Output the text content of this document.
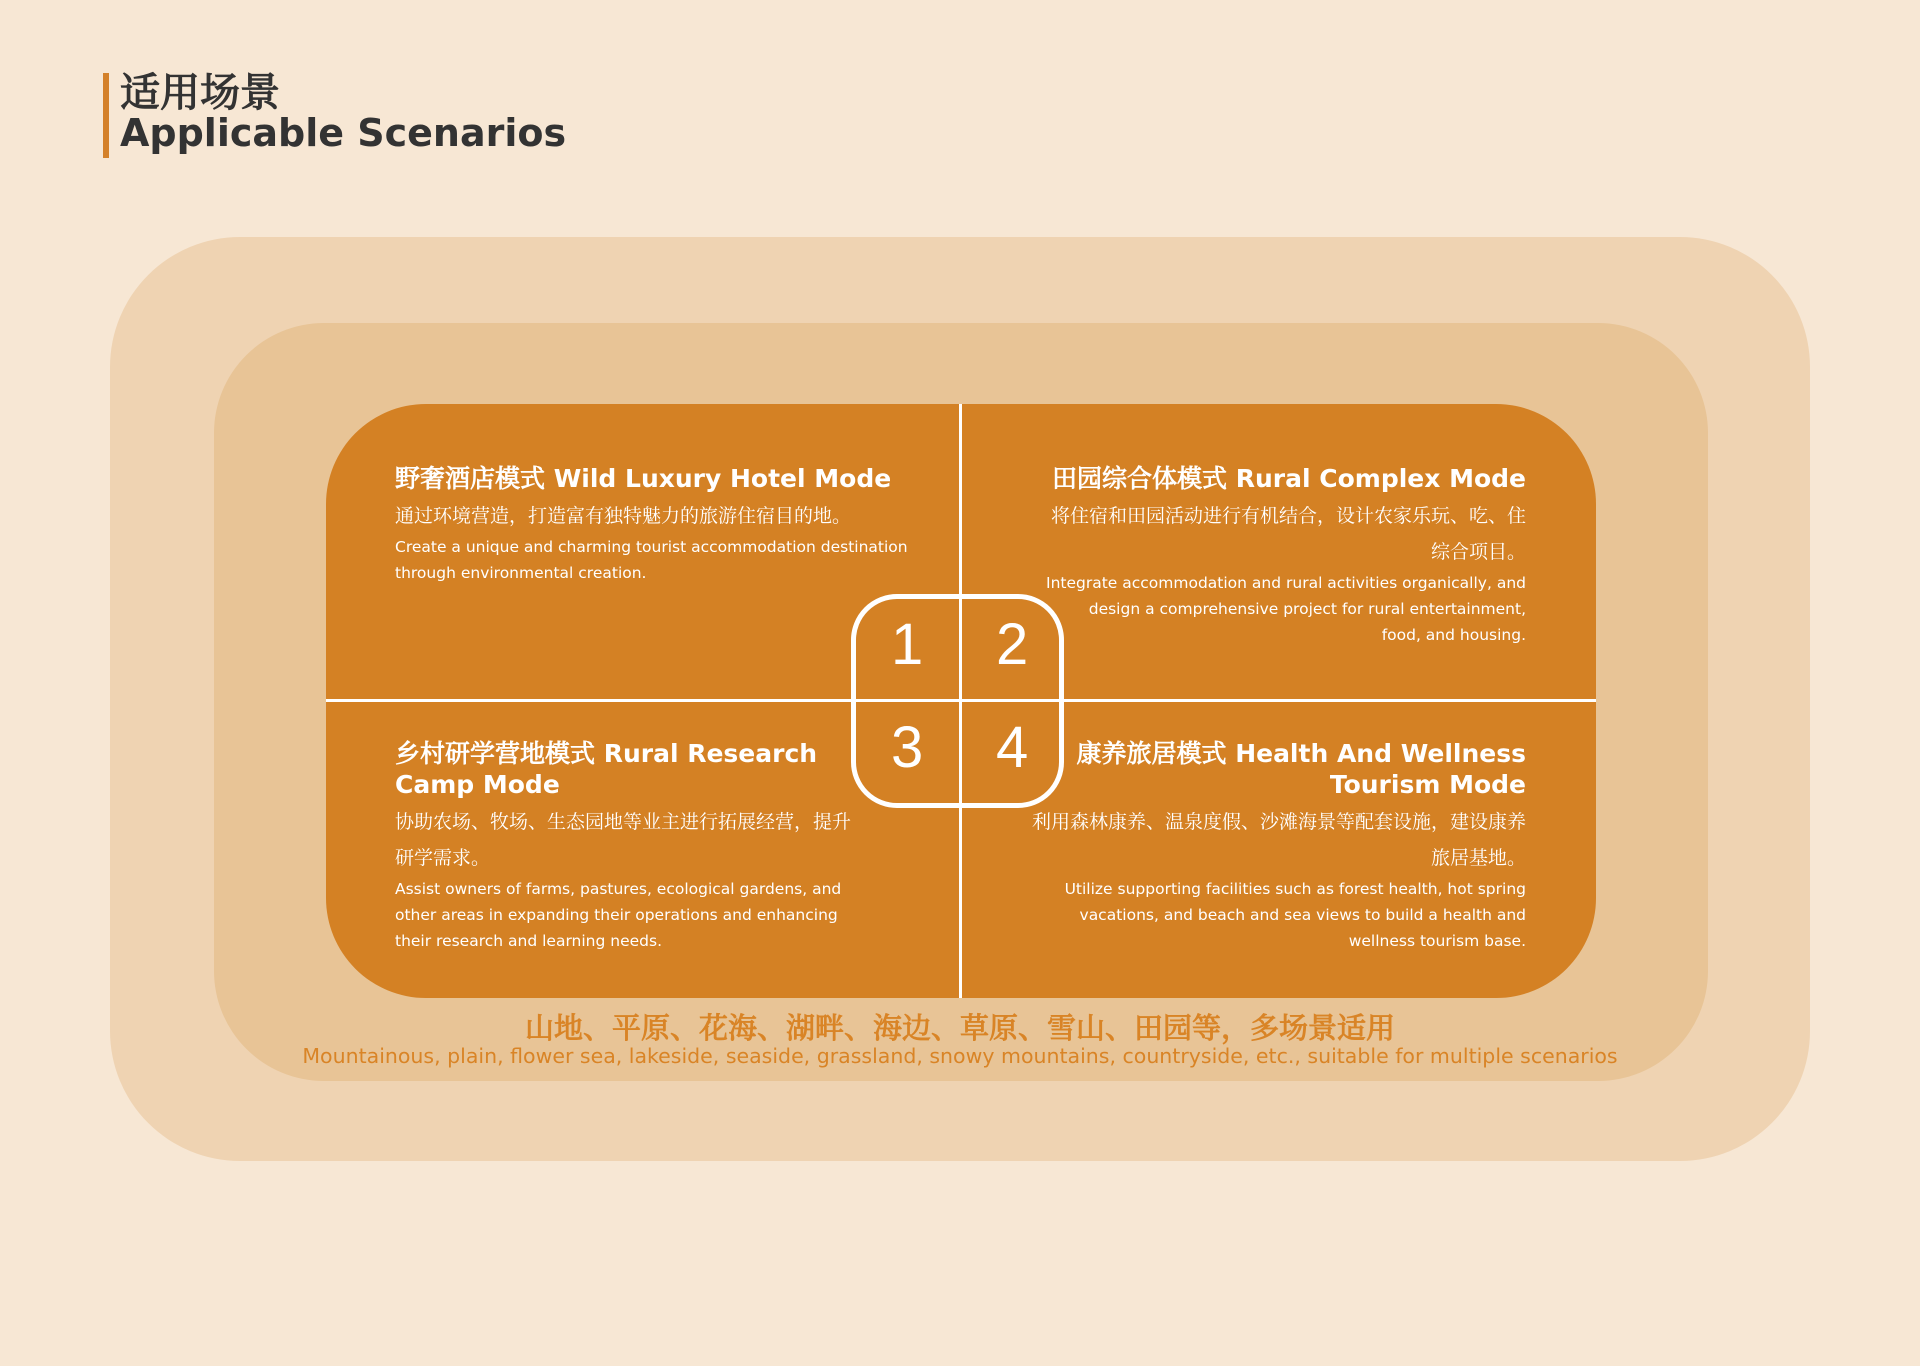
适用场景
Applicable Scenarios
野奢酒店模式 Wild Luxury Hotel Mode
通过环境营造，打造富有独特魅力的旅游住宿目的地。
Create a unique and charming tourist accommodation destination through environmental creation.
田园综合体模式 Rural Complex Mode
将住宿和田园活动进行有机结合，设计农家乐玩、吃、住综合项目。
Integrate accommodation and rural activities organically, and design a comprehensive project for rural entertainment, food, and housing.
乡村研学营地模式 Rural Research Camp Mode
协助农场、牧场、生态园地等业主进行拓展经营，提升研学需求。
Assist owners of farms, pastures, ecological gardens, and other areas in expanding their operations and enhancing their research and learning needs.
康养旅居模式 Health And Wellness Tourism Mode
利用森林康养、温泉度假、沙滩海景等配套设施，建设康养旅居基地。
Utilize supporting facilities such as forest health, hot spring vacations, and beach and sea views to build a health and wellness tourism base.
1 2
3 4
山地、平原、花海、湖畔、海边、草原、雪山、田园等，多场景适用
Mountainous, plain, flower sea, lakeside, seaside, grassland, snowy mountains, countryside, etc., suitable for multiple scenarios
